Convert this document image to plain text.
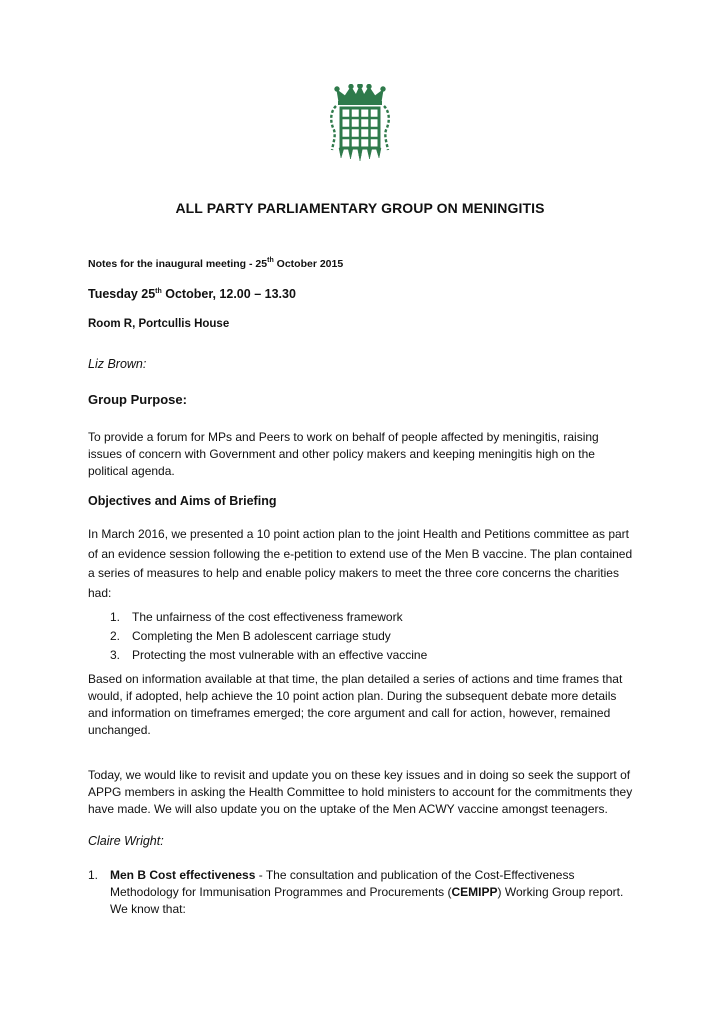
ALL PARTY PARLIAMENTARY GROUP ON MENINGITIS
Notes for the inaugural meeting - 25th October 2015
Tuesday 25th October, 12.00 – 13.30
Room R, Portcullis House
Liz Brown:
Group Purpose:
To provide a forum for MPs and Peers to work on behalf of people affected by meningitis, raising issues of concern with Government and other policy makers and keeping meningitis high on the political agenda.
Objectives and Aims of Briefing
In March 2016, we presented a 10 point action plan to the joint Health and Petitions committee as part of an evidence session following the e-petition to extend use of the Men B vaccine. The plan contained a series of measures to help and enable policy makers to meet the three core concerns the charities had:
1. The unfairness of the cost effectiveness framework
2. Completing the Men B adolescent carriage study
3. Protecting the most vulnerable with an effective vaccine
Based on information available at that time, the plan detailed a series of actions and time frames that would, if adopted, help achieve the 10 point action plan. During the subsequent debate more details and information on timeframes emerged; the core argument and call for action, however, remained unchanged.
Today, we would like to revisit and update you on these key issues and in doing so seek the support of APPG members in asking the Health Committee to hold ministers to account for the commitments they have made. We will also update you on the uptake of the Men ACWY vaccine amongst teenagers.
Claire Wright:
1. Men B Cost effectiveness - The consultation and publication of the Cost-Effectiveness Methodology for Immunisation Programmes and Procurements (CEMIPP) Working Group report. We know that:
